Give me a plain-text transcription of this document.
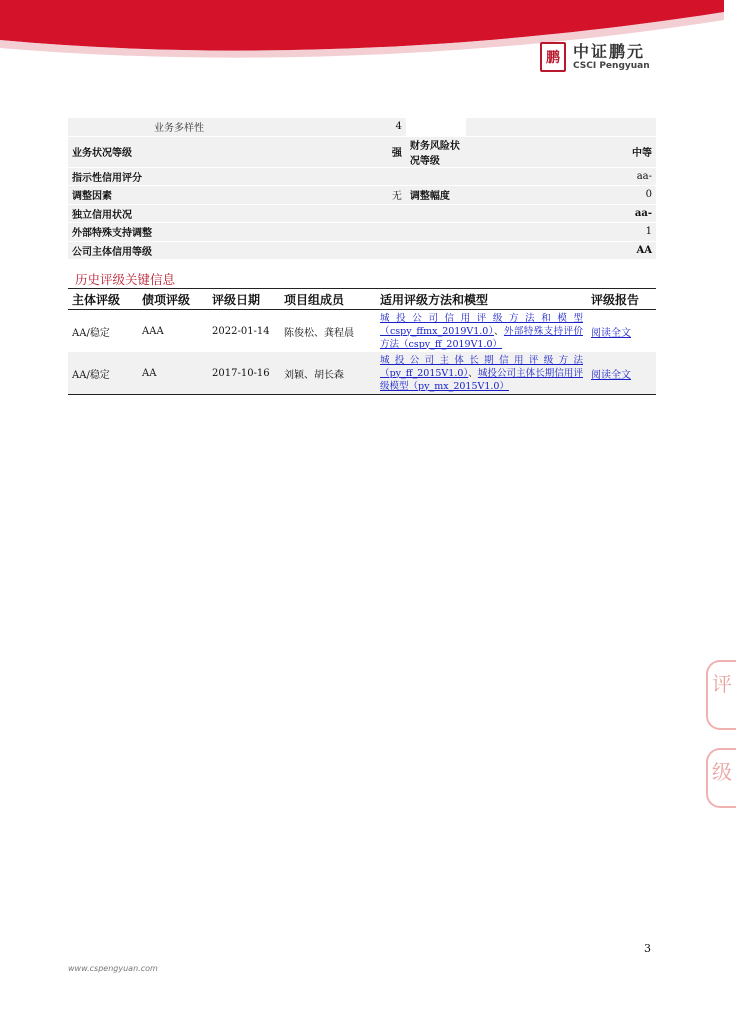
鹏 中证鹏元
CSCI Pengyuan
业务多样性	4		
业务状况等级	强	财务风险状况等级	中等
指示性信用评分			aa-
调整因素	无	调整幅度	0
独立信用状况			aa-
外部特殊支持调整			1
公司主体信用等级			AA
历史评级关键信息
主体评级	债项评级	评级日期	项目组成员	适用评级方法和模型	评级报告
AA/稳定	AAA	2022-01-14	陈俊松、龚程晨	城投公司信用评级方法和模型（cspy_ffmx_2019V1.0）、外部特殊支持评价方法（cspy_ff_2019V1.0）	阅读全文
AA/稳定	AA	2017-10-16	刘颖、胡长森	城投公司主体长期信用评级方法（py_ff_2015V1.0）、城投公司主体长期信用评级模型（py_mx_2015V1.0）	阅读全文
评
级
3
www.cspengyuan.com
